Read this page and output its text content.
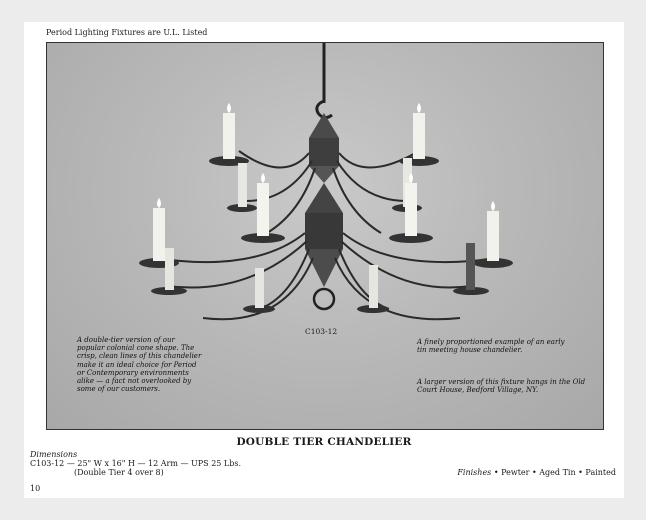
Period Lighting Fixtures are U.L. Listed
C103-12
A double-tier version of our popular colonial cone shape. The crisp, clean lines of this chandelier make it an ideal choice for Period or Contemporary environments alike — a fact not overlooked by some of our customers.
A finely proportioned example of an early tin meeting house chandelier.
A larger version of this fixture hangs in the Old Court House, Bedford Village, NY.
DOUBLE TIER CHANDELIER
Dimensions
C103-12 — 25" W x 16" H — 12 Arm — UPS 25 Lbs.
(Double Tier 4 over 8)	Finishes • Pewter • Aged Tin • Painted
10
